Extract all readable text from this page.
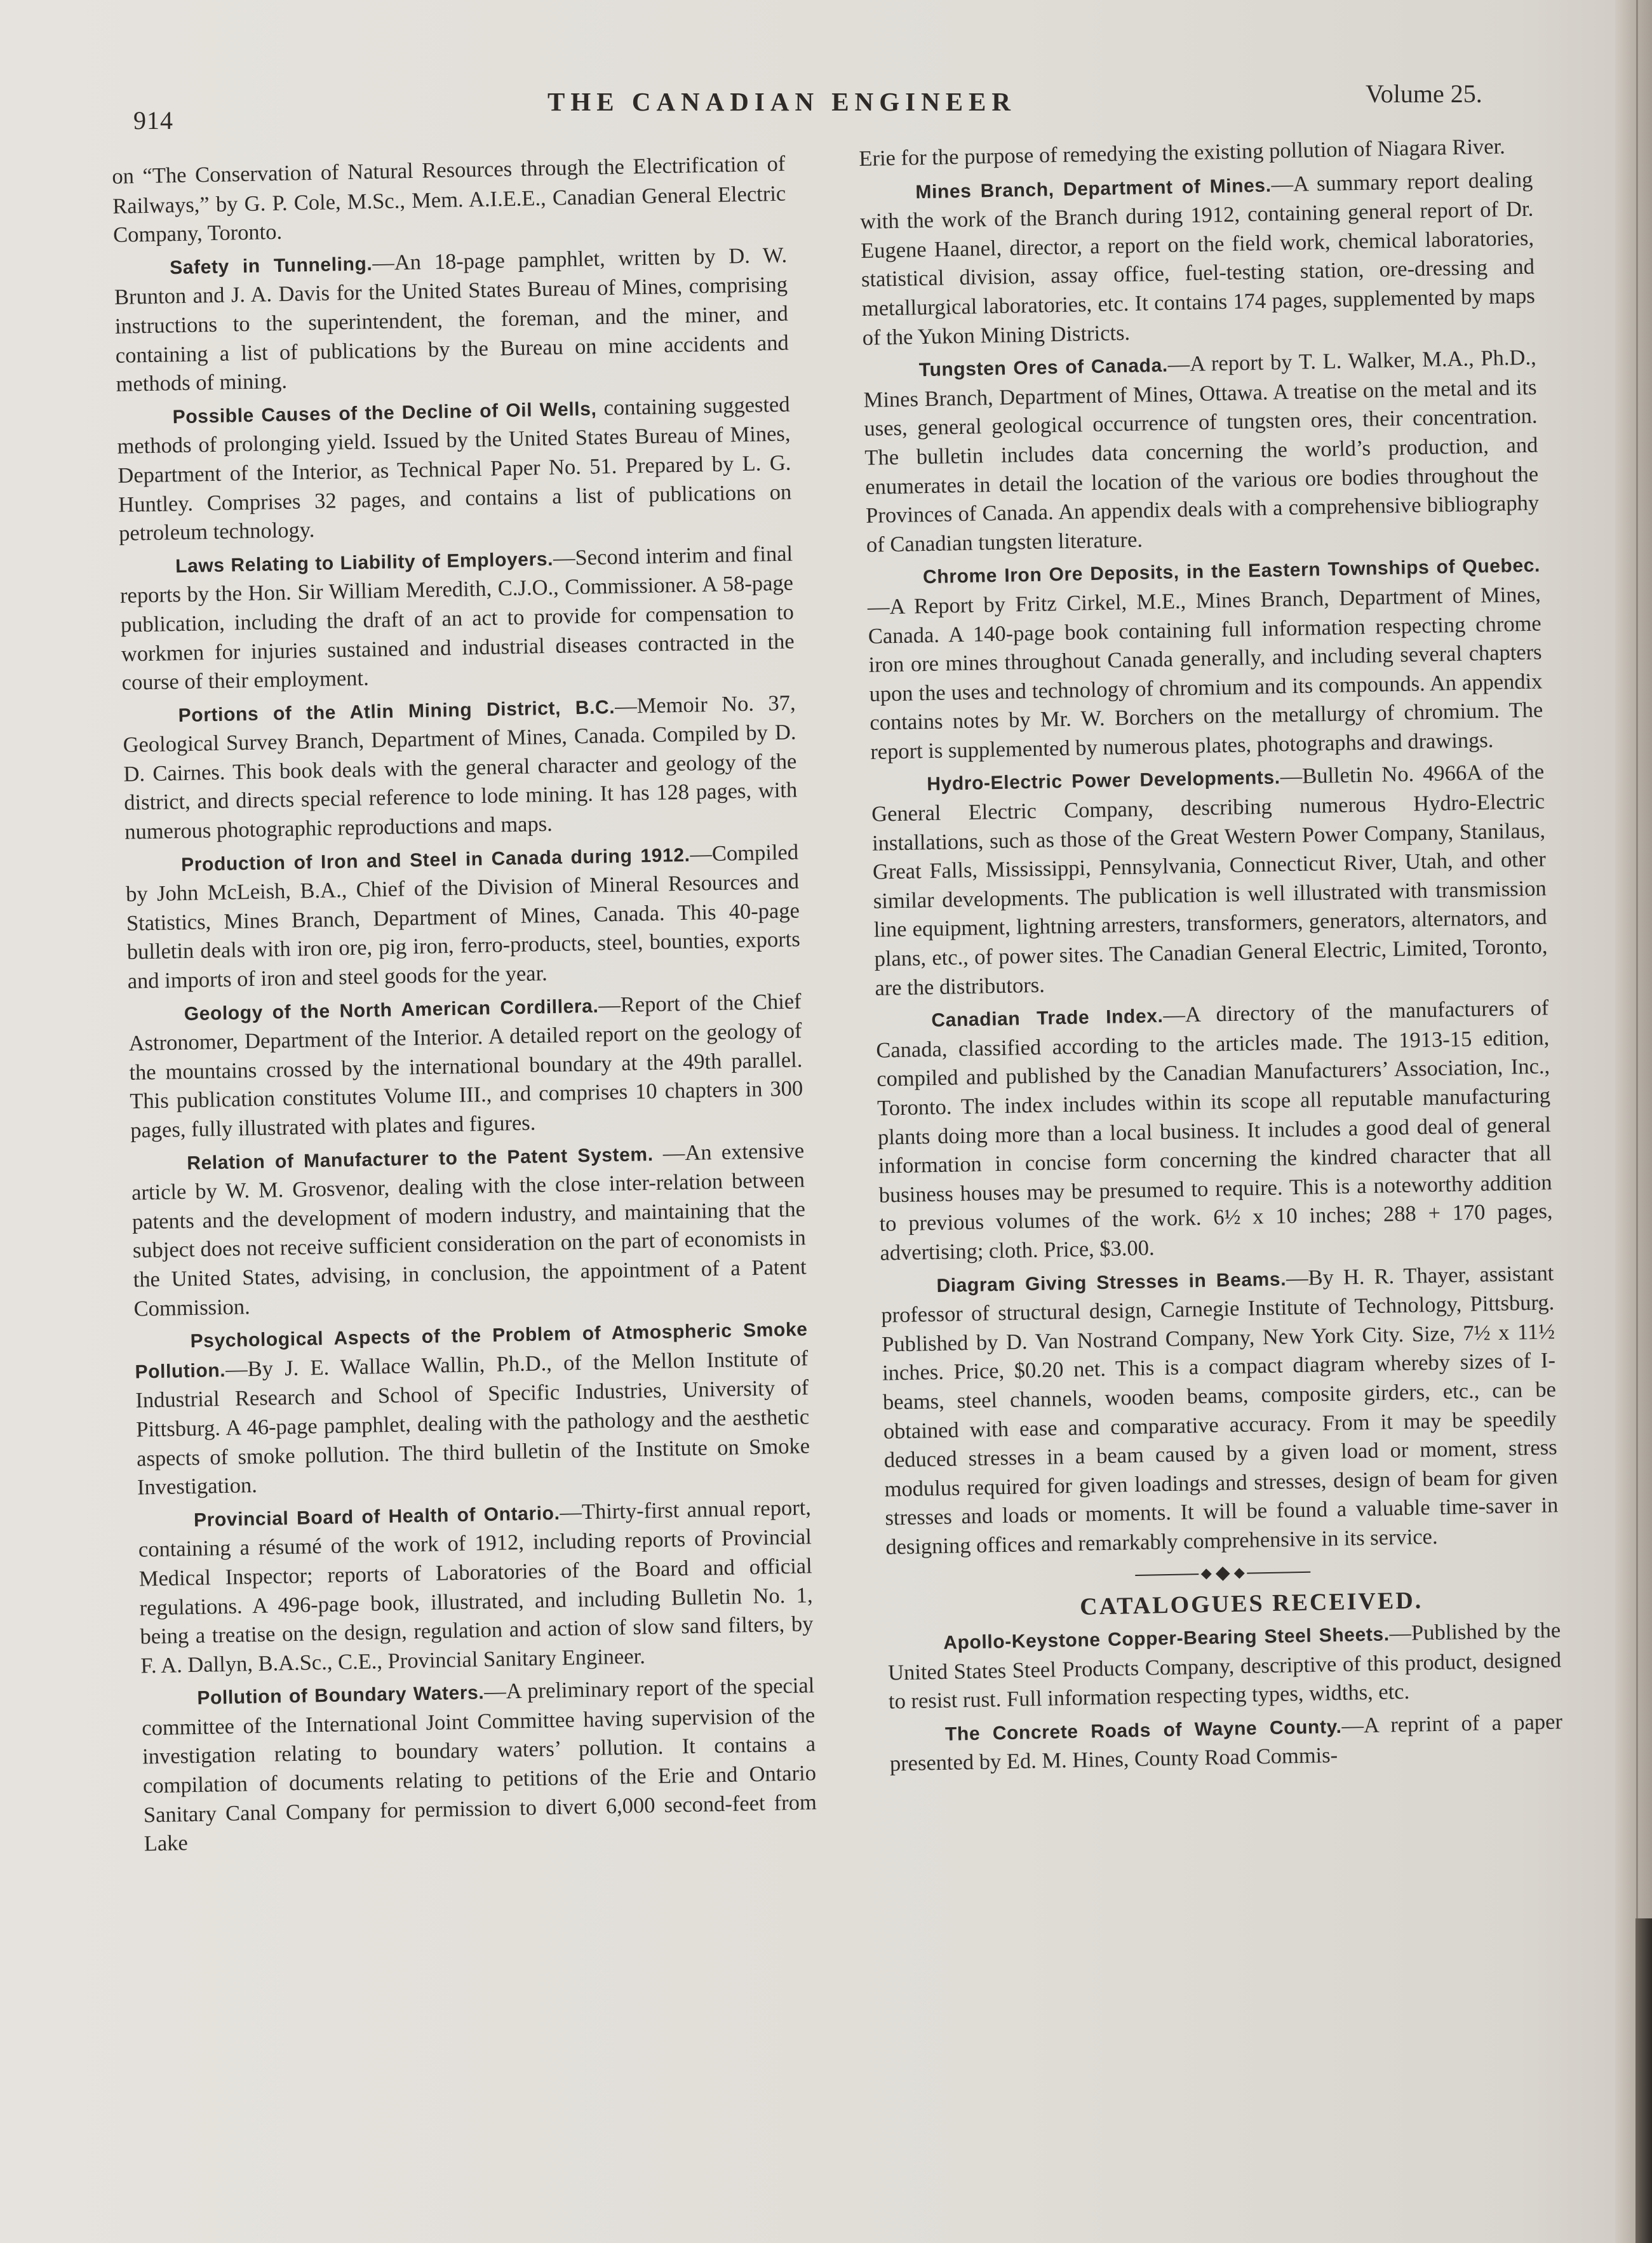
914
THE CANADIAN ENGINEER	Volume 25.

on “The Conservation of Natural Resources through the Electrification of Railways,” by G. P. Cole, M.Sc., Mem. A.I.E.E., Canadian General Electric Company, Toronto.

Safety in Tunneling.—An 18-page pamphlet, written by D. W. Brunton and J. A. Davis for the United States Bureau of Mines, comprising instructions to the superintendent, the foreman, and the miner, and containing a list of publications by the Bureau on mine accidents and methods of mining.

Possible Causes of the Decline of Oil Wells, containing suggested methods of prolonging yield. Issued by the United States Bureau of Mines, Department of the Interior, as Technical Paper No. 51. Prepared by L. G. Huntley. Comprises 32 pages, and contains a list of publications on petroleum technology.

Laws Relating to Liability of Employers.—Second interim and final reports by the Hon. Sir William Meredith, C.J.O., Commissioner. A 58-page publication, including the draft of an act to provide for compensation to workmen for injuries sustained and industrial diseases contracted in the course of their employment.

Portions of the Atlin Mining District, B.C.—Memoir No. 37, Geological Survey Branch, Department of Mines, Canada. Compiled by D. D. Cairnes. This book deals with the general character and geology of the district, and directs special reference to lode mining. It has 128 pages, with numerous photographic reproductions and maps.

Production of Iron and Steel in Canada during 1912.—Compiled by John McLeish, B.A., Chief of the Division of Mineral Resources and Statistics, Mines Branch, Department of Mines, Canada. This 40-page bulletin deals with iron ore, pig iron, ferro-products, steel, bounties, exports and imports of iron and steel goods for the year.

Geology of the North American Cordillera.—Report of the Chief Astronomer, Department of the Interior. A detailed report on the geology of the mountains crossed by the international boundary at the 49th parallel. This publication constitutes Volume III., and comprises 10 chapters in 300 pages, fully illustrated with plates and figures.

Relation of Manufacturer to the Patent System. —An extensive article by W. M. Grosvenor, dealing with the close inter-relation between patents and the development of modern industry, and maintaining that the subject does not receive sufficient consideration on the part of economists in the United States, advising, in conclusion, the appointment of a Patent Commission.

Psychological Aspects of the Problem of Atmospheric Smoke Pollution.—By J. E. Wallace Wallin, Ph.D., of the Mellon Institute of Industrial Research and School of Specific Industries, University of Pittsburg. A 46-page pamphlet, dealing with the pathology and the aesthetic aspects of smoke pollution. The third bulletin of the Institute on Smoke Investigation.

Provincial Board of Health of Ontario.—Thirty-first annual report, containing a résumé of the work of 1912, including reports of Provincial Medical Inspector; reports of Laboratories of the Board and official regulations. A 496-page book, illustrated, and including Bulletin No. 1, being a treatise on the design, regulation and action of slow sand filters, by F. A. Dallyn, B.A.Sc., C.E., Provincial Sanitary Engineer.

Pollution of Boundary Waters.—A preliminary report of the special committee of the International Joint Committee having supervision of the investigation relating to boundary waters’ pollution. It contains a compilation of documents relating to petitions of the Erie and Ontario Sanitary Canal Company for permission to divert 6,000 second-feet from Lake

Erie for the purpose of remedying the existing pollution of Niagara River.

Mines Branch, Department of Mines.—A summary report dealing with the work of the Branch during 1912, containing general report of Dr. Eugene Haanel, director, a report on the field work, chemical laboratories, statistical division, assay office, fuel-testing station, ore-dressing and metallurgical laboratories, etc. It contains 174 pages, supplemented by maps of the Yukon Mining Districts.

Tungsten Ores of Canada.—A report by T. L. Walker, M.A., Ph.D., Mines Branch, Department of Mines, Ottawa. A treatise on the metal and its uses, general geological occurrence of tungsten ores, their concentration. The bulletin includes data concerning the world’s production, and enumerates in detail the location of the various ore bodies throughout the Provinces of Canada. An appendix deals with a comprehensive bibliography of Canadian tungsten literature.

Chrome Iron Ore Deposits, in the Eastern Townships of Quebec.—A Report by Fritz Cirkel, M.E., Mines Branch, Department of Mines, Canada. A 140-page book containing full information respecting chrome iron ore mines throughout Canada generally, and including several chapters upon the uses and technology of chromium and its compounds. An appendix contains notes by Mr. W. Borchers on the metallurgy of chromium. The report is supplemented by numerous plates, photographs and drawings.

Hydro-Electric Power Developments.—Bulletin No. 4966A of the General Electric Company, describing numerous Hydro-Electric installations, such as those of the Great Western Power Company, Stanilaus, Great Falls, Mississippi, Pennsylvania, Connecticut River, Utah, and other similar developments. The publication is well illustrated with transmission line equipment, lightning arresters, transformers, generators, alternators, and plans, etc., of power sites. The Canadian General Electric, Limited, Toronto, are the distributors.

Canadian Trade Index.—A directory of the manufacturers of Canada, classified according to the articles made. The 1913-15 edition, compiled and published by the Canadian Manufacturers’ Association, Inc., Toronto. The index includes within its scope all reputable manufacturing plants doing more than a local business. It includes a good deal of general information in concise form concerning the kindred character that all business houses may be presumed to require. This is a noteworthy addition to previous volumes of the work. 6½ x 10 inches; 288 + 170 pages, advertising; cloth. Price, $3.00.

Diagram Giving Stresses in Beams.—By H. R. Thayer, assistant professor of structural design, Carnegie Institute of Technology, Pittsburg. Published by D. Van Nostrand Company, New York City. Size, 7½ x 11½ inches. Price, $0.20 net. This is a compact diagram whereby sizes of I-beams, steel channels, wooden beams, composite girders, etc., can be obtained with ease and comparative accuracy. From it may be speedily deduced stresses in a beam caused by a given load or moment, stress modulus required for given loadings and stresses, design of beam for given stresses and loads or moments. It will be found a valuable time-saver in designing offices and remarkably comprehensive in its service.

CATALOGUES RECEIVED.

Apollo-Keystone Copper-Bearing Steel Sheets.—Published by the United States Steel Products Company, descriptive of this product, designed to resist rust. Full information respecting types, widths, etc.

The Concrete Roads of Wayne County.—A reprint of a paper presented by Ed. M. Hines, County Road Commis-
